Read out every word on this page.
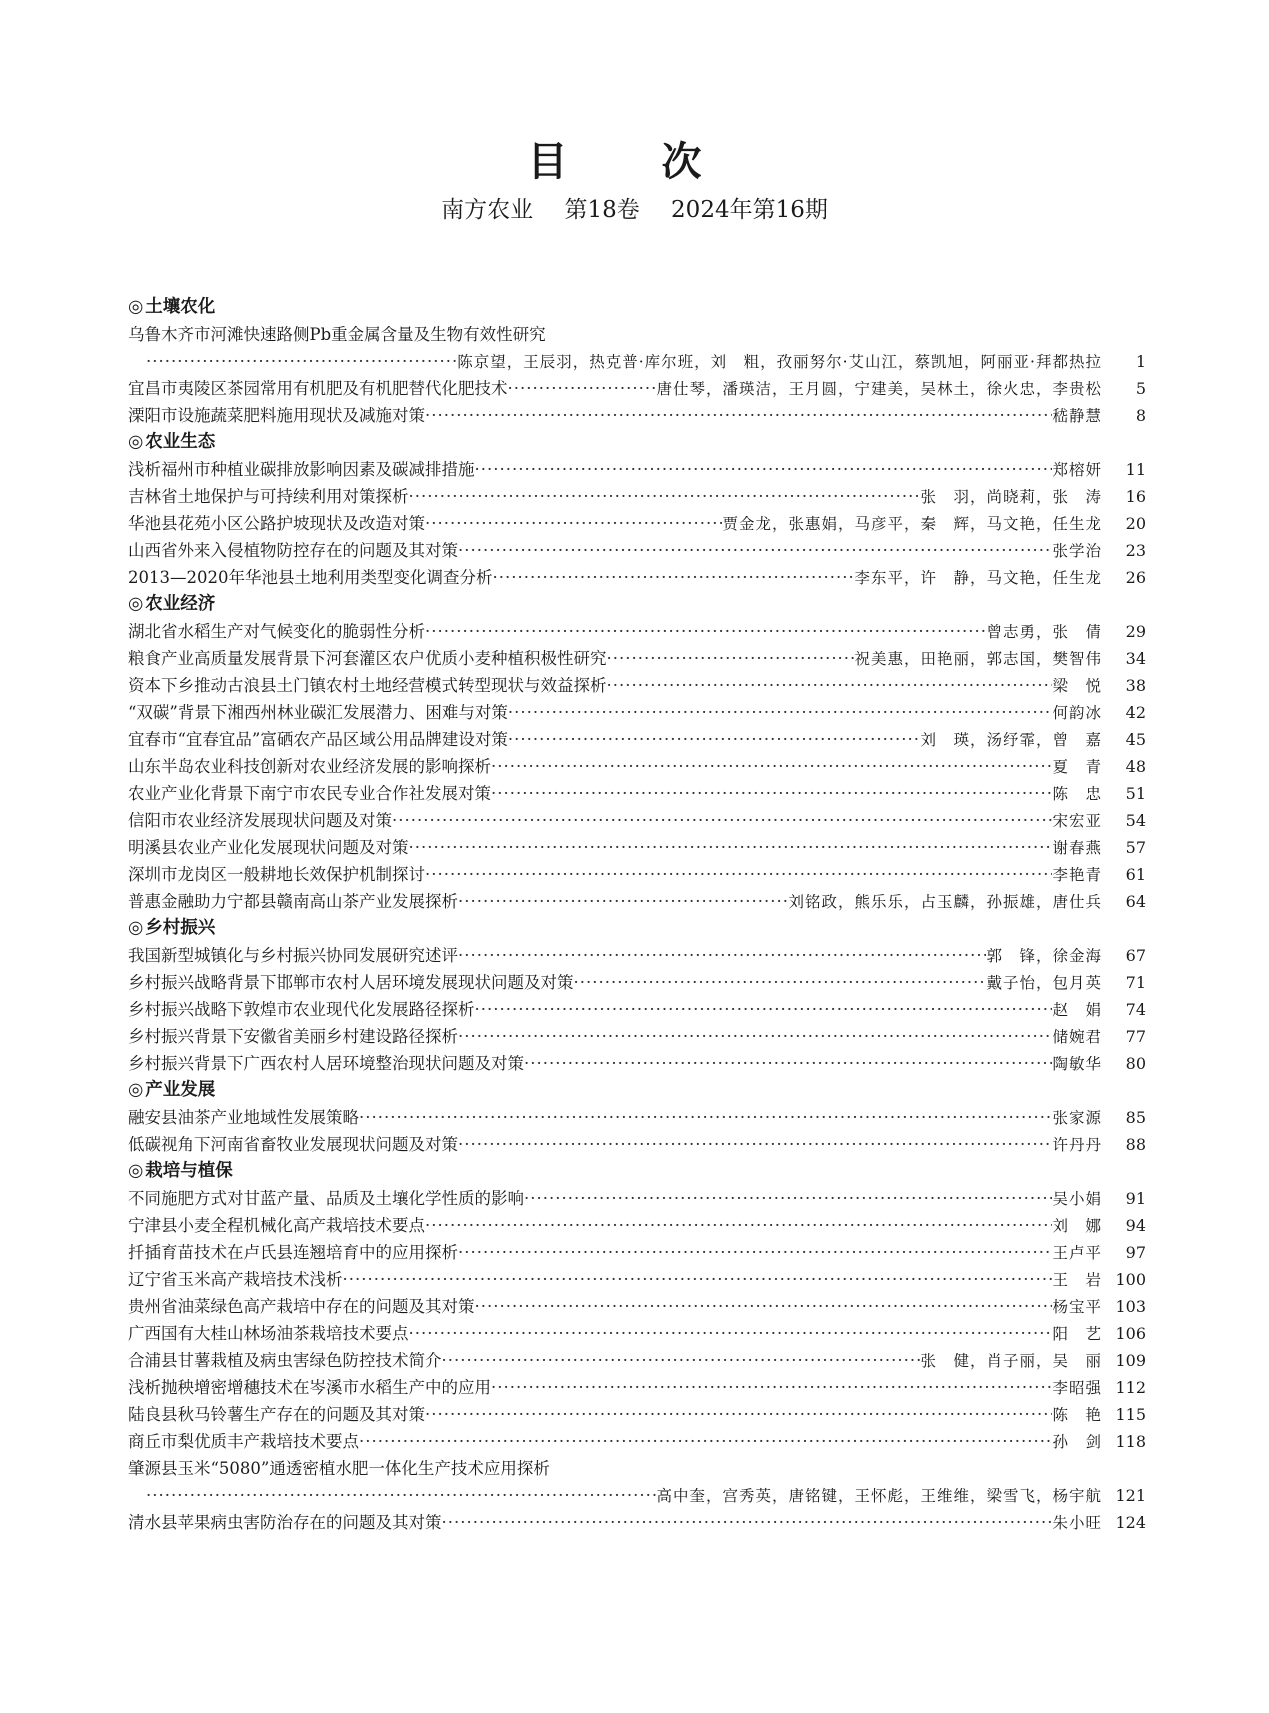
目 次
南方农业 第18卷 2024年第16期
◎ 土壤农化
乌鲁木齐市河滩快速路侧Pb重金属含量及生物有效性研究
·····
陈京望，王辰羽，热克普·库尔班，刘　粗，孜丽努尔·艾山江，蔡凯旭，阿丽亚·拜都热拉	1
宜昌市夷陵区茶园常用有机肥及有机肥替代化肥技术 ·····	唐仕琴，潘瑛洁，王月圆，宁建美，吴林土，徐火忠，李贵松	5
溧阳市设施蔬菜肥料施用现状及减施对策 ·····	嵇静慧	8
◎ 农业生态
浅析福州市种植业碳排放影响因素及碳减排措施 ·····	郑榕妍	11
吉林省土地保护与可持续利用对策探析 ·····	张　羽，尚晓莉，张　涛	16
华池县花苑小区公路护坡现状及改造对策 ·····	贾金龙，张惠娟，马彦平，秦　辉，马文艳，任生龙	20
山西省外来入侵植物防控存在的问题及其对策 ·····	张学治	23
2013—2020年华池县土地利用类型变化调查分析 ·····	李东平，许　静，马文艳，任生龙	26
◎ 农业经济
湖北省水稻生产对气候变化的脆弱性分析 ·····	曾志勇，张　倩	29
粮食产业高质量发展背景下河套灌区农户优质小麦种植积极性研究 ·····	祝美惠，田艳丽，郭志国，樊智伟	34
资本下乡推动古浪县土门镇农村土地经营模式转型现状与效益探析 ·····	梁　悦	38
“双碳”背景下湘西州林业碳汇发展潜力、困难与对策 ·····	何韵冰	42
宜春市“宜春宜品”富硒农产品区域公用品牌建设对策 ·····	刘　瑛，汤纾霏，曾　嘉	45
山东半岛农业科技创新对农业经济发展的影响探析 ·····	夏　青	48
农业产业化背景下南宁市农民专业合作社发展对策 ·····	陈　忠	51
信阳市农业经济发展现状问题及对策 ·····	宋宏亚	54
明溪县农业产业化发展现状问题及对策 ·····	谢春燕	57
深圳市龙岗区一般耕地长效保护机制探讨 ·····	李艳青	61
普惠金融助力宁都县赣南高山茶产业发展探析 ·····	刘铭政，熊乐乐，占玉麟，孙振雄，唐仕兵	64
◎ 乡村振兴
我国新型城镇化与乡村振兴协同发展研究述评 ·····	郭　锋，徐金海	67
乡村振兴战略背景下邯郸市农村人居环境发展现状问题及对策 ·····	戴子怡，包月英	71
乡村振兴战略下敦煌市农业现代化发展路径探析 ·····	赵　娟	74
乡村振兴背景下安徽省美丽乡村建设路径探析 ·····	储婉君	77
乡村振兴背景下广西农村人居环境整治现状问题及对策 ·····	陶敏华	80
◎ 产业发展
融安县油茶产业地域性发展策略 ·····	张家源	85
低碳视角下河南省畜牧业发展现状问题及对策 ·····	许丹丹	88
◎ 栽培与植保
不同施肥方式对甘蓝产量、品质及土壤化学性质的影响 ·····	吴小娟	91
宁津县小麦全程机械化高产栽培技术要点 ·····	刘　娜	94
扦插育苗技术在卢氏县连翘培育中的应用探析 ·····	王卢平	97
辽宁省玉米高产栽培技术浅析 ·····	王　岩 100
贵州省油菜绿色高产栽培中存在的问题及其对策 ·····	杨宝平 103
广西国有大桂山林场油茶栽培技术要点 ·····	阳　艺 106
合浦县甘薯栽植及病虫害绿色防控技术简介 ·····	张　健，肖子丽，吴　丽 109
浅析抛秧增密增穗技术在岑溪市水稻生产中的应用 ·····	李昭强 112
陆良县秋马铃薯生产存在的问题及其对策 ·····	陈　艳 115
商丘市梨优质丰产栽培技术要点 ·····	孙　剑 118
肇源县玉米“5080”通透密植水肥一体化生产技术应用探析
·····
高中奎，宫秀英，唐铭键，王怀彪，王维维，梁雪飞，杨宇航 121
清水县苹果病虫害防治存在的问题及其对策 ·····	朱小旺 124
